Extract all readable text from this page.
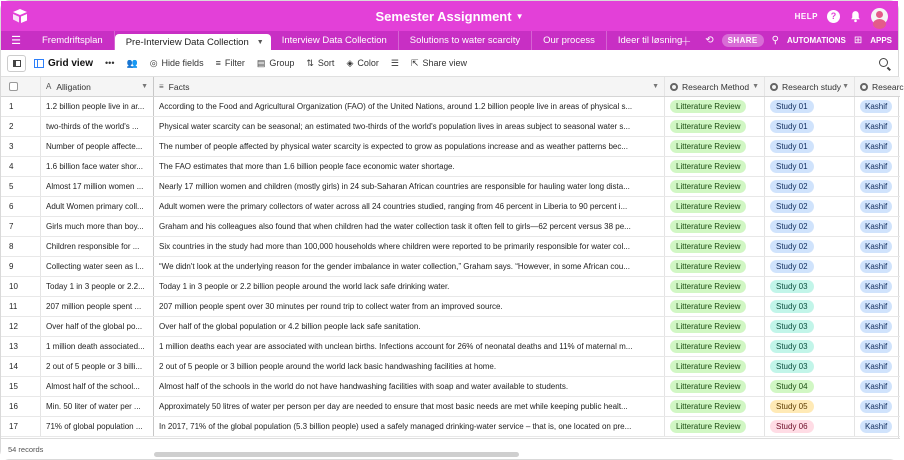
Semester Assignment ▼	HELP	?
☰	Fremdriftsplan Pre-Interview Data Collection ▼ Interview Data Collection Solutions to water scarcity Our process Ideer til løsning
＋ ⟲	SHARE	⚲ AUTOMATIONS ⊞ APPS
Grid view ••• 👥 ◎ Hide fields ≡ Filter ▤ Group ⇅ Sort ◈ Color ☰ ⇱ Share view
A Alligation	▼ ≡ Facts	▼	Research Method ▼	Research study ▼	Researc
1	1.2 billion people live in ar...	According to the Food and Agricultural Organization (FAO) of the United Nations, around 1.2 billion people live in areas of physical s...	Litterature Review	Study 01	Kashif
2	two-thirds of the world's ...	Physical water scarcity can be seasonal; an estimated two-thirds of the world's population lives in areas subject to seasonal water s...	Litterature Review	Study 01	Kashif
3	Number of people affecte...	The number of people affected by physical water scarcity is expected to grow as populations increase and as weather patterns bec...	Litterature Review	Study 01	Kashif
4	1.6 billion face water shor...	The FAO estimates that more than 1.6 billion people face economic water shortage.	Litterature Review	Study 01	Kashif
5	Almost 17 million women ...	Nearly 17 million women and children (mostly girls) in 24 sub-Saharan African countries are responsible for hauling water long dista...	Litterature Review	Study 02	Kashif
6	Adult Women primary coll...	Adult women were the primary collectors of water across all 24 countries studied, ranging from 46 percent in Liberia to 90 percent i...	Litterature Review	Study 02	Kashif
7	Girls much more than boy...	Graham and his colleagues also found that when children had the water collection task it often fell to girls—62 percent versus 38 pe...	Litterature Review	Study 02	Kashif
8	Children responsible for ...	Six countries in the study had more than 100,000 households where children were reported to be primarily responsible for water col...	Litterature Review	Study 02	Kashif
9	Collecting water seen as l...	“We didn't look at the underlying reason for the gender imbalance in water collection,” Graham says. “However, in some African cou...	Litterature Review	Study 02	Kashif
10	Today 1 in 3 people or 2.2...	Today 1 in 3 people or 2.2 billion people around the world lack safe drinking water.	Litterature Review	Study 03	Kashif
11	207 million people spent ...	207 million people spent over 30 minutes per round trip to collect water from an improved source.	Litterature Review	Study 03	Kashif
12	Over half of the global po...	Over half of the global population or 4.2 billion people lack safe sanitation.	Litterature Review	Study 03	Kashif
13	1 million death associated...	1 million deaths each year are associated with unclean births. Infections account for 26% of neonatal deaths and 11% of maternal m...	Litterature Review	Study 03	Kashif
14	2 out of 5 people or 3 billi...	2 out of 5 people or 3 billion people around the world lack basic handwashing facilities at home.	Litterature Review	Study 03	Kashif
15	Almost half of the school...	Almost half of the schools in the world do not have handwashing facilities with soap and water available to students.	Litterature Review	Study 04	Kashif
16	Min. 50 liter of water per ...	Approximately 50 litres of water per person per day are needed to ensure that most basic needs are met while keeping public healt...	Litterature Review	Study 05	Kashif
17	71% of global population ...	In 2017, 71% of the global population (5.3 billion people) used a safely managed drinking-water service – that is, one located on pre...	Litterature Review	Study 06	Kashif
54 records
